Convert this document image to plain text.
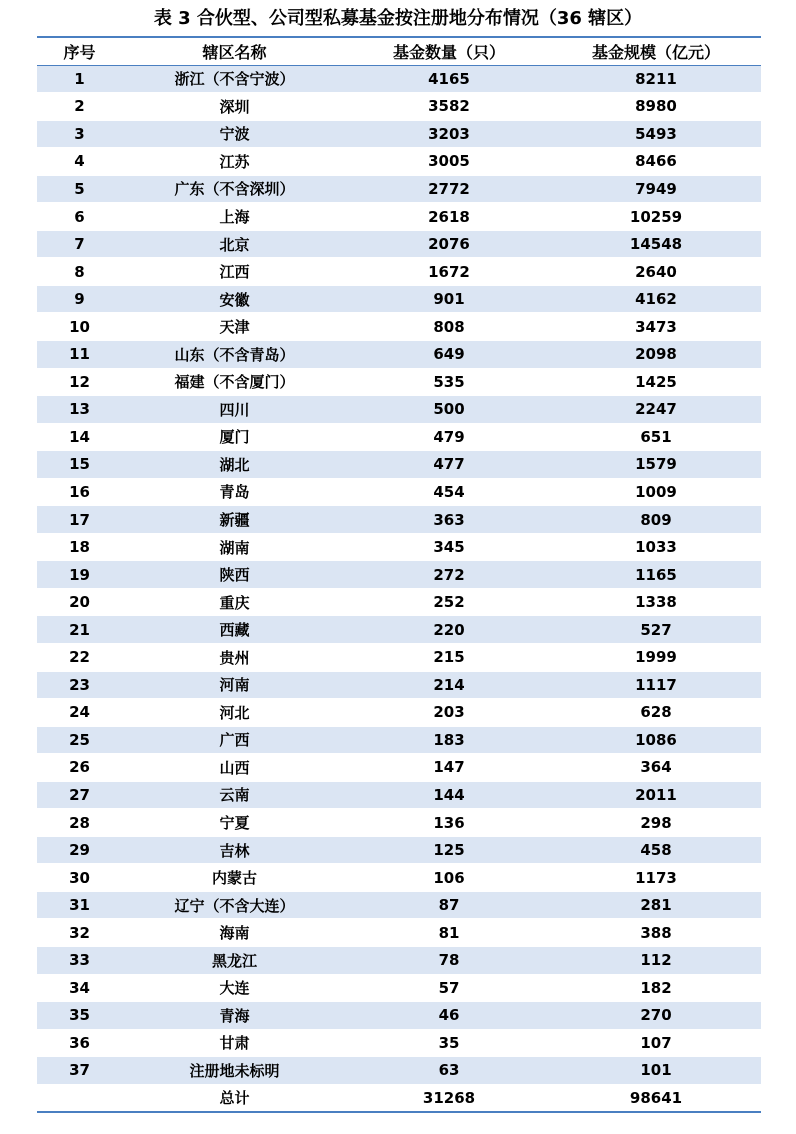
表 3 合伙型、公司型私募基金按注册地分布情况（36 辖区）
序号	辖区名称	基金数量（只）	基金规模（亿元）
1	浙江（不含宁波）	4165	8211
2	深圳	3582	8980
3	宁波	3203	5493
4	江苏	3005	8466
5	广东（不含深圳）	2772	7949
6	上海	2618	10259
7	北京	2076	14548
8	江西	1672	2640
9	安徽	901	4162
10	天津	808	3473
11	山东（不含青岛）	649	2098
12	福建（不含厦门）	535	1425
13	四川	500	2247
14	厦门	479	651
15	湖北	477	1579
16	青岛	454	1009
17	新疆	363	809
18	湖南	345	1033
19	陕西	272	1165
20	重庆	252	1338
21	西藏	220	527
22	贵州	215	1999
23	河南	214	1117
24	河北	203	628
25	广西	183	1086
26	山西	147	364
27	云南	144	2011
28	宁夏	136	298
29	吉林	125	458
30	内蒙古	106	1173
31	辽宁（不含大连）	87	281
32	海南	81	388
33	黑龙江	78	112
34	大连	57	182
35	青海	46	270
36	甘肃	35	107
37	注册地未标明	63	101
	总计	31268	98641
